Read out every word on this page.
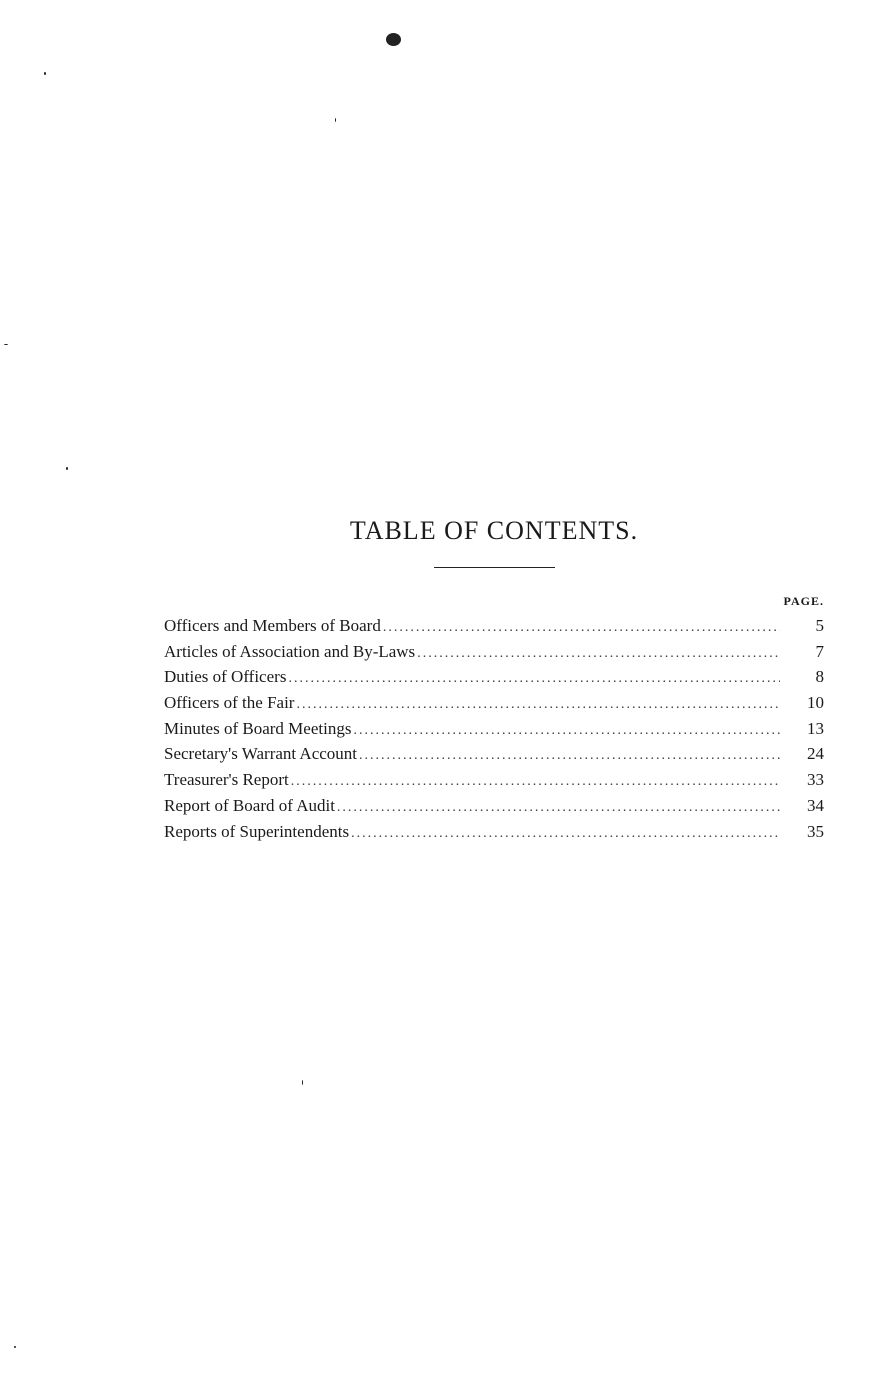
TABLE OF CONTENTS.
PAGE.
Officers and Members of Board .....	5
Articles of Association and By-Laws .....	7
Duties of Officers .....	8
Officers of the Fair .....	10
Minutes of Board Meetings .....	13
Secretary's Warrant Account .....	24
Treasurer's Report .....	33
Report of Board of Audit .....	34
Reports of Superintendents .....	35
